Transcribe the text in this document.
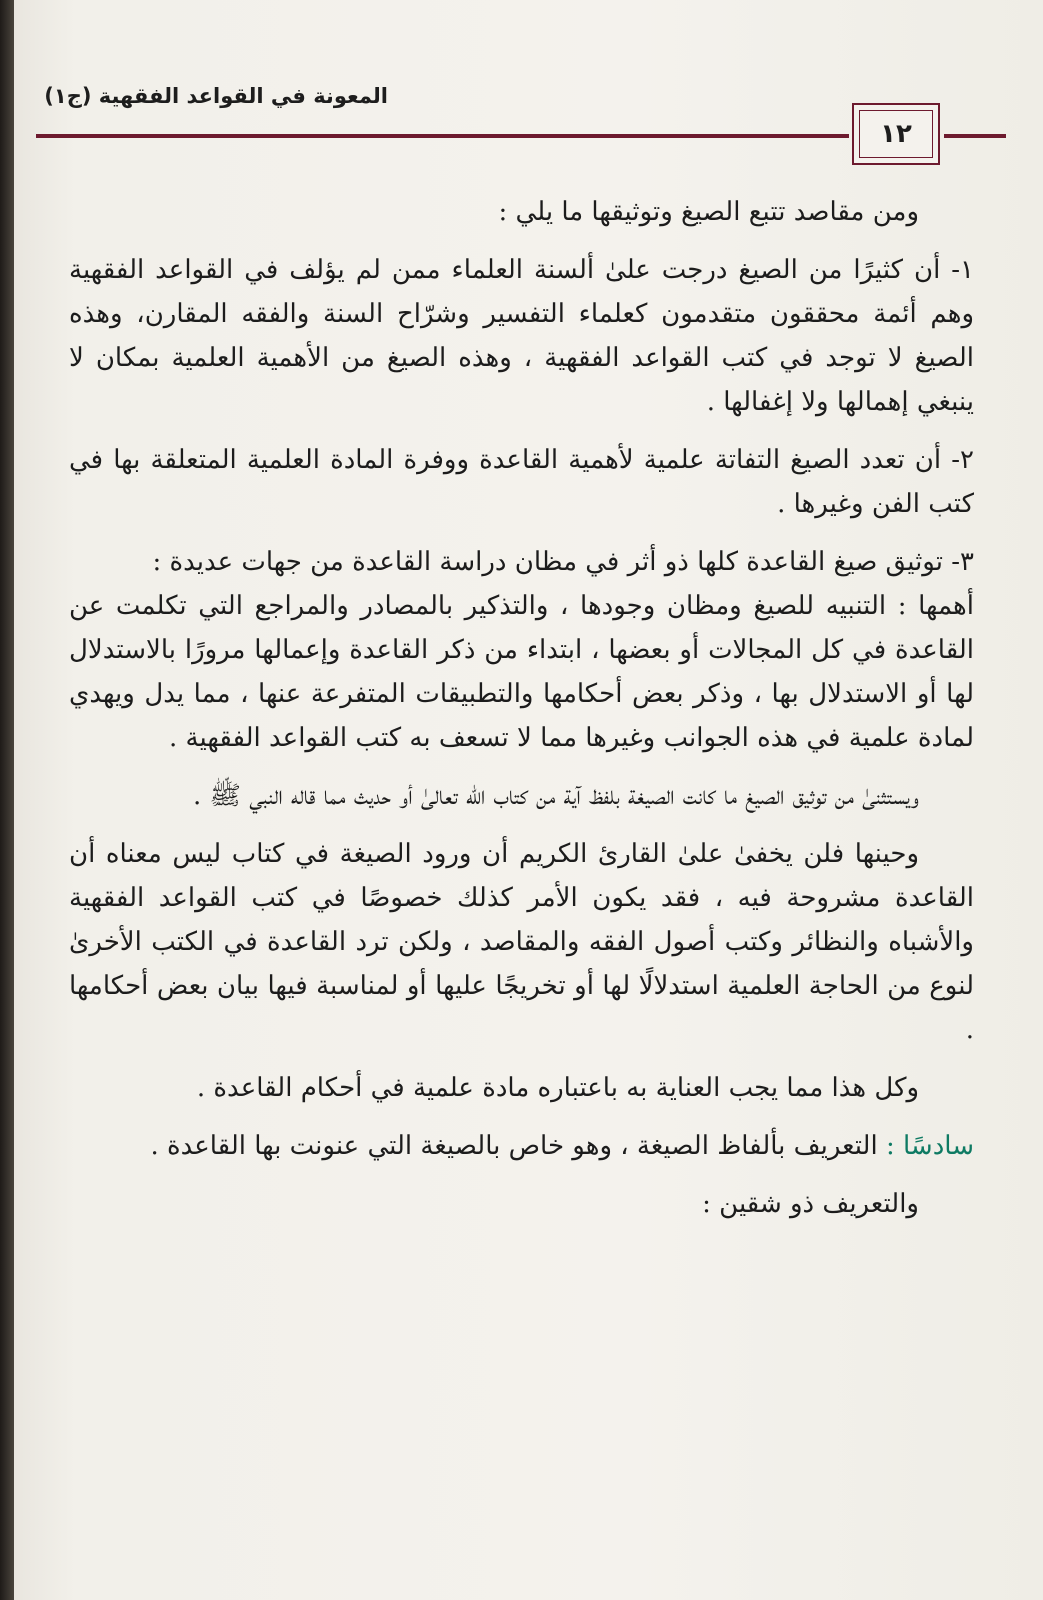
المعونة في القواعد الفقهية (ج١)
١٢

ومن مقاصد تتبع الصيغ وتوثيقها ما يلي :

١- أن كثيرًا من الصيغ درجت علىٰ ألسنة العلماء ممن لم يؤلف في القواعد الفقهية وهم أئمة محققون متقدمون كعلماء التفسير وشرّاح السنة والفقه المقارن، وهذه الصيغ لا توجد في كتب القواعد الفقهية ، وهذه الصيغ من الأهمية العلمية بمكان لا ينبغي إهمالها ولا إغفالها .

٢- أن تعدد الصيغ التفاتة علمية لأهمية القاعدة ووفرة المادة العلمية المتعلقة بها في كتب الفن وغيرها .

٣- توثيق صيغ القاعدة كلها ذو أثر في مظان دراسة القاعدة من جهات عديدة :

أهمها : التنبيه للصيغ ومظان وجودها ، والتذكير بالمصادر والمراجع التي تكلمت عن القاعدة في كل المجالات أو بعضها ، ابتداء من ذكر القاعدة وإعمالها مرورًا بالاستدلال لها أو الاستدلال بها ، وذكر بعض أحكامها والتطبيقات المتفرعة عنها ، مما يدل ويهدي لمادة علمية في هذه الجوانب وغيرها مما لا تسعف به كتب القواعد الفقهية .

ويستثنىٰ من توثيق الصيغ ما كانت الصيغة بلفظ آية من كتاب اللّٰه تعالىٰ أو حديث مما قاله النبي ﷺ .

وحينها فلن يخفىٰ علىٰ القارئ الكريم أن ورود الصيغة في كتاب ليس معناه أن القاعدة مشروحة فيه ، فقد يكون الأمر كذلك خصوصًا في كتب القواعد الفقهية والأشباه والنظائر وكتب أصول الفقه والمقاصد ، ولكن ترد القاعدة في الكتب الأخرىٰ لنوع من الحاجة العلمية استدلالًا لها أو تخريجًا عليها أو لمناسبة فيها بيان بعض أحكامها .

وكل هذا مما يجب العناية به باعتباره مادة علمية في أحكام القاعدة .

سادسًا : التعريف بألفاظ الصيغة ، وهو خاص بالصيغة التي عنونت بها القاعدة .

والتعريف ذو شقين :
